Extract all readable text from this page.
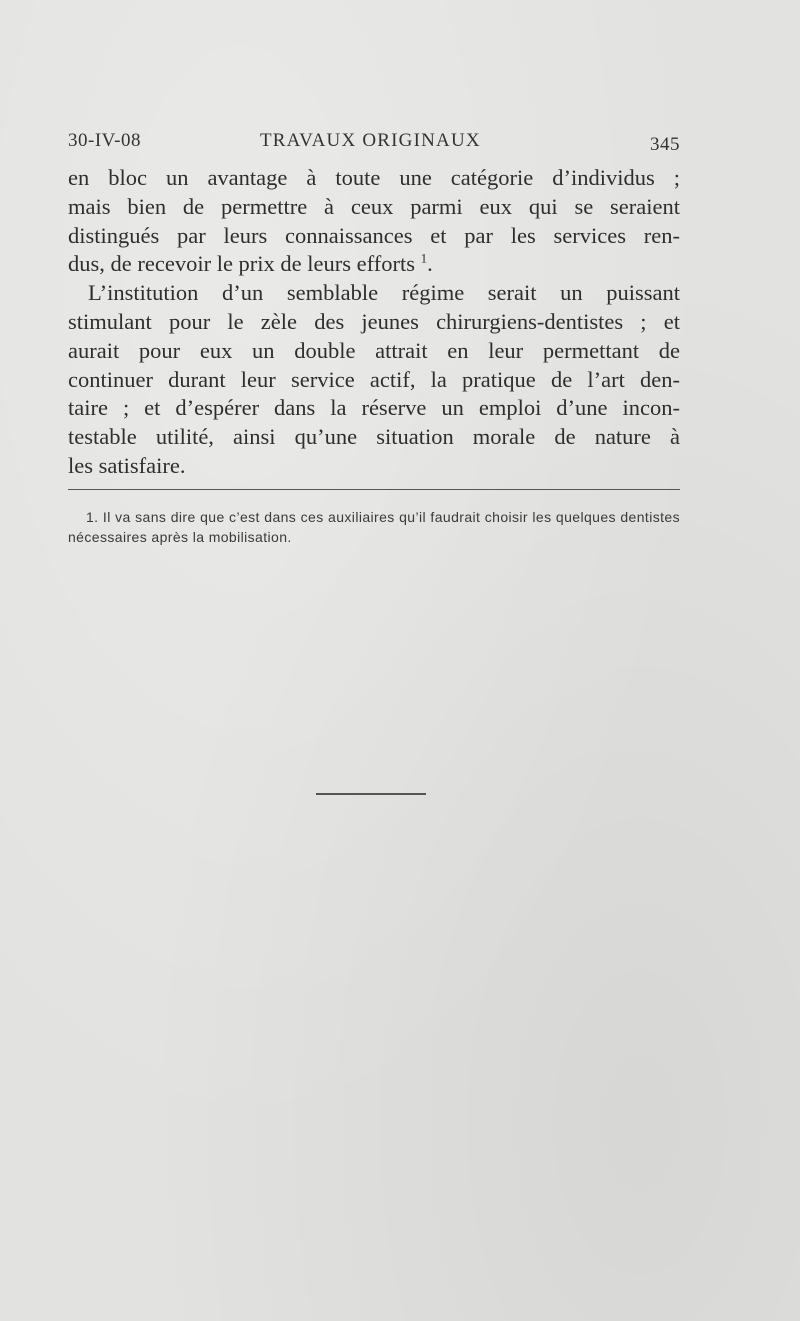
30-IV-08	TRAVAUX ORIGINAUX	345

en bloc un avantage à toute une catégorie d’individus ;

mais bien de permettre à ceux parmi eux qui se seraient

distingués par leurs connaissances et par les services ren-

dus, de recevoir le prix de leurs efforts $^1$.

L’institution d’un semblable régime serait un puissant

stimulant pour le zèle des jeunes chirurgiens-dentistes ; et

aurait pour eux un double attrait en leur permettant de

continuer durant leur service actif, la pratique de l’art den-

taire ; et d’espérer dans la réserve un emploi d’une incon-

testable utilité, ainsi qu’une situation morale de nature à

les satisfaire.

1. Il va sans dire que c’est dans ces auxiliaires qu’il faudrait choisir les quelques dentistes nécessaires après la mobilisation.
